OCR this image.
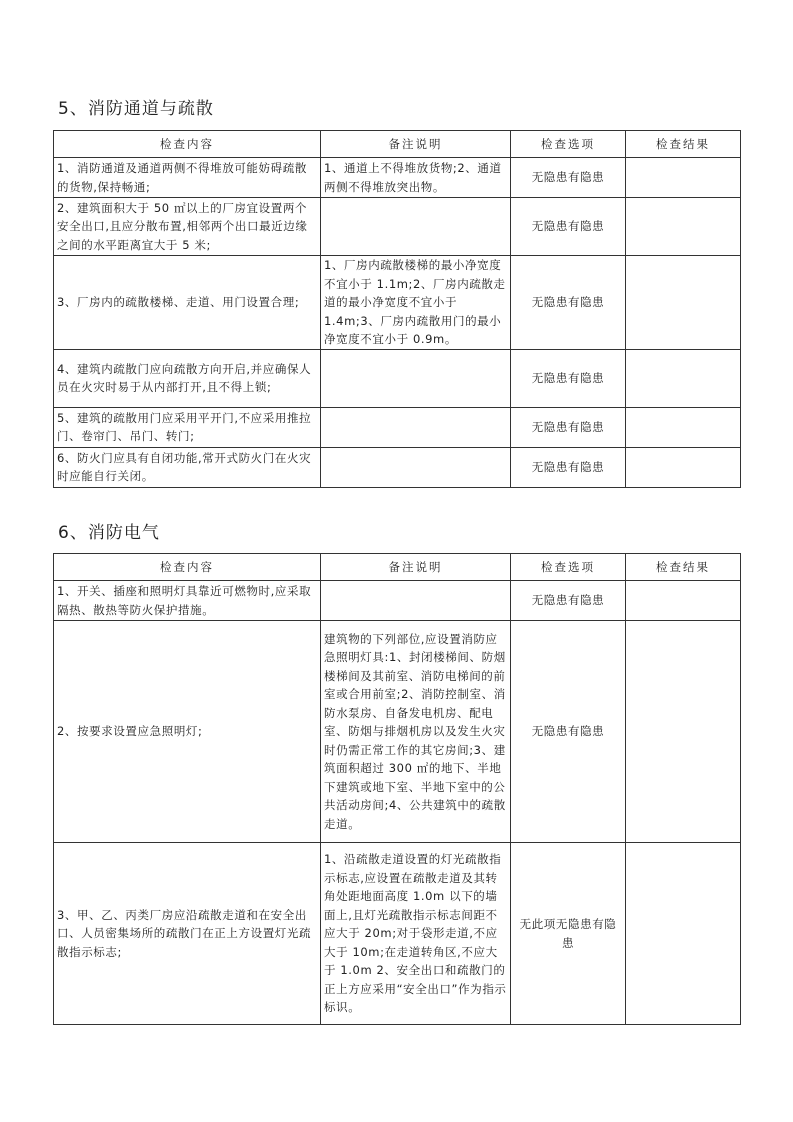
5、消防通道与疏散
检查内容	备注说明	检查选项	检查结果
1、消防通道及通道两侧不得堆放可能妨碍疏散的货物,保持畅通;	1、通道上不得堆放货物;2、通道两侧不得堆放突出物。	无隐患有隐患	
2、建筑面积大于 50 ㎡以上的厂房宜设置两个安全出口,且应分散布置,相邻两个出口最近边缘之间的水平距离宜大于 5 米;		无隐患有隐患	
3、厂房内的疏散楼梯、走道、用门设置合理;	1、厂房内疏散楼梯的最小净宽度不宜小于 1.1m;2、厂房内疏散走道的最小净宽度不宜小于 1.4m;3、厂房内疏散用门的最小净宽度不宜小于 0.9m。	无隐患有隐患	
4、建筑内疏散门应向疏散方向开启,并应确保人员在火灾时易于从内部打开,且不得上锁;		无隐患有隐患	
5、建筑的疏散用门应采用平开门,不应采用推拉门、卷帘门、吊门、转门;		无隐患有隐患	
6、防火门应具有自闭功能,常开式防火门在火灾时应能自行关闭。		无隐患有隐患	
6、消防电气
检查内容	备注说明	检查选项	检查结果
1、开关、插座和照明灯具靠近可燃物时,应采取隔热、散热等防火保护措施。		无隐患有隐患	
2、按要求设置应急照明灯;	建筑物的下列部位,应设置消防应急照明灯具:1、封闭楼梯间、防烟楼梯间及其前室、消防电梯间的前室或合用前室;2、消防控制室、消防水泵房、自备发电机房、配电室、防烟与排烟机房以及发生火灾时仍需正常工作的其它房间;3、建筑面积超过 300 ㎡的地下、半地下建筑或地下室、半地下室中的公共活动房间;4、公共建筑中的疏散走道。	无隐患有隐患	
3、甲、乙、丙类厂房应沿疏散走道和在安全出口、人员密集场所的疏散门在正上方设置灯光疏散指示标志;	1、沿疏散走道设置的灯光疏散指示标志,应设置在疏散走道及其转角处距地面高度 1.0m 以下的墙面上,且灯光疏散指示标志间距不应大于 20m;对于袋形走道,不应大于 10m;在走道转角区,不应大于 1.0m 2、安全出口和疏散门的正上方应采用“安全出口”作为指示标识。	无此项无隐患有隐患	
